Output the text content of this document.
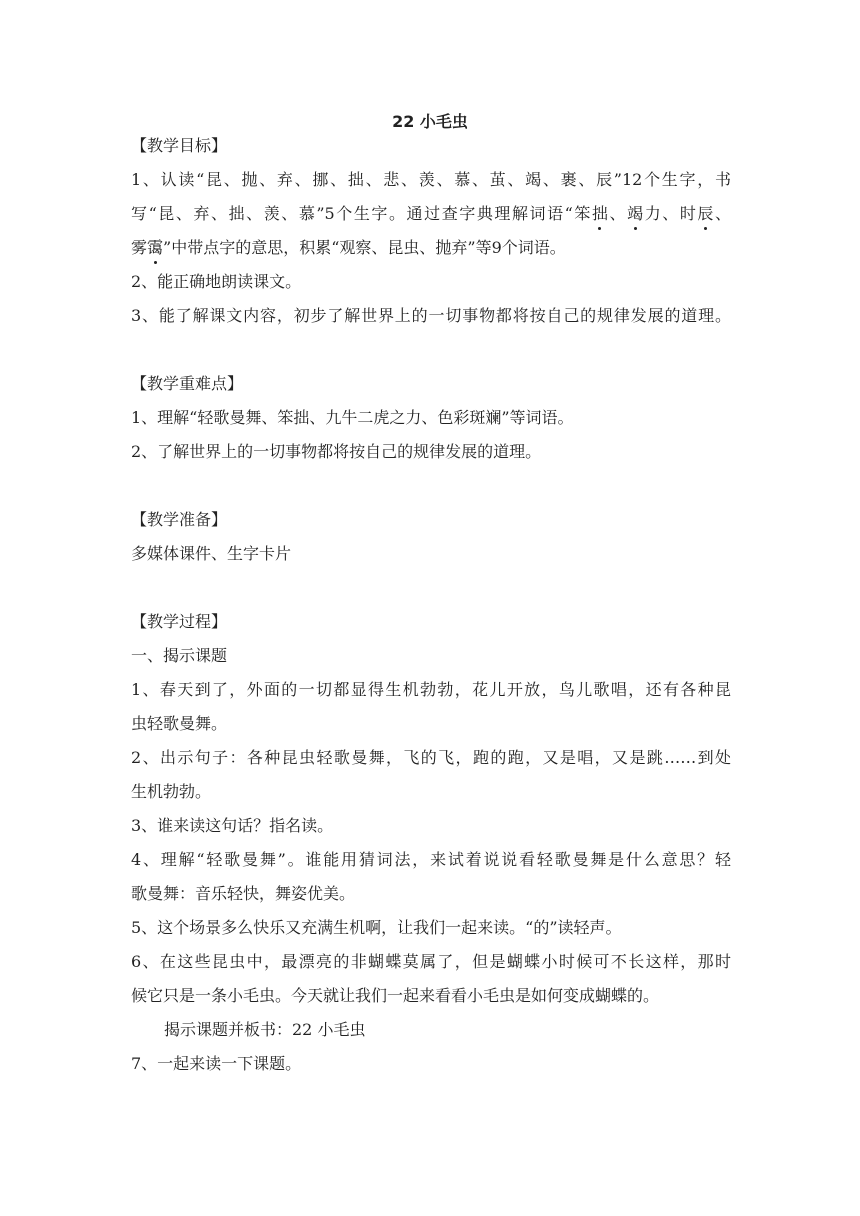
22 小毛虫
【教学目标】
1、认读“昆、抛、弃、挪、拙、悲、羡、慕、茧、竭、裹、辰”12个生字，书
写“昆、弃、拙、羡、慕”5个生字。通过查字典理解词语“笨拙、竭力、时辰、
雾霭”中带点字的意思，积累“观察、昆虫、抛弃”等9个词语。
2、能正确地朗读课文。
3、能了解课文内容，初步了解世界上的一切事物都将按自己的规律发展的道理。
【教学重难点】
1、理解“轻歌曼舞、笨拙、九牛二虎之力、色彩斑斓”等词语。
2、了解世界上的一切事物都将按自己的规律发展的道理。
【教学准备】
多媒体课件、生字卡片
【教学过程】
一、揭示课题
1、春天到了，外面的一切都显得生机勃勃，花儿开放，鸟儿歌唱，还有各种昆
虫轻歌曼舞。
2、出示句子：各种昆虫轻歌曼舞，飞的飞，跑的跑，又是唱，又是跳……到处
生机勃勃。
3、谁来读这句话？指名读。
4、理解“轻歌曼舞”。谁能用猜词法，来试着说说看轻歌曼舞是什么意思？轻
歌曼舞：音乐轻快，舞姿优美。
5、这个场景多么快乐又充满生机啊，让我们一起来读。“的”读轻声。
6、在这些昆虫中，最漂亮的非蝴蝶莫属了，但是蝴蝶小时候可不长这样，那时
候它只是一条小毛虫。今天就让我们一起来看看小毛虫是如何变成蝴蝶的。
揭示课题并板书：22 小毛虫
7、一起来读一下课题。
